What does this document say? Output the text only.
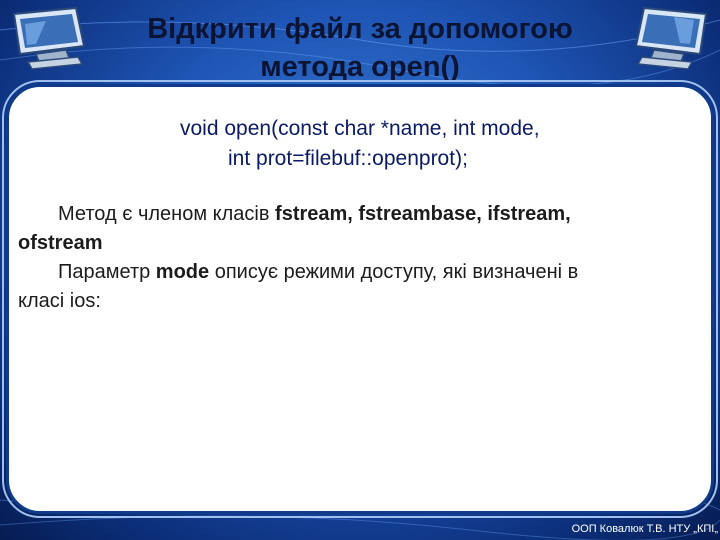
Відкрити файл за допомогою
метода open()
void open(const char *name, int mode,
int prot=filebuf::openprot);

Метод є членом класів fstream, fstreambase, ifstream,
ofstream

Параметр mode описує режими доступу, які визначені в
класі ios:

ООП Ковалюк Т.В. НТУ „КПІ„
